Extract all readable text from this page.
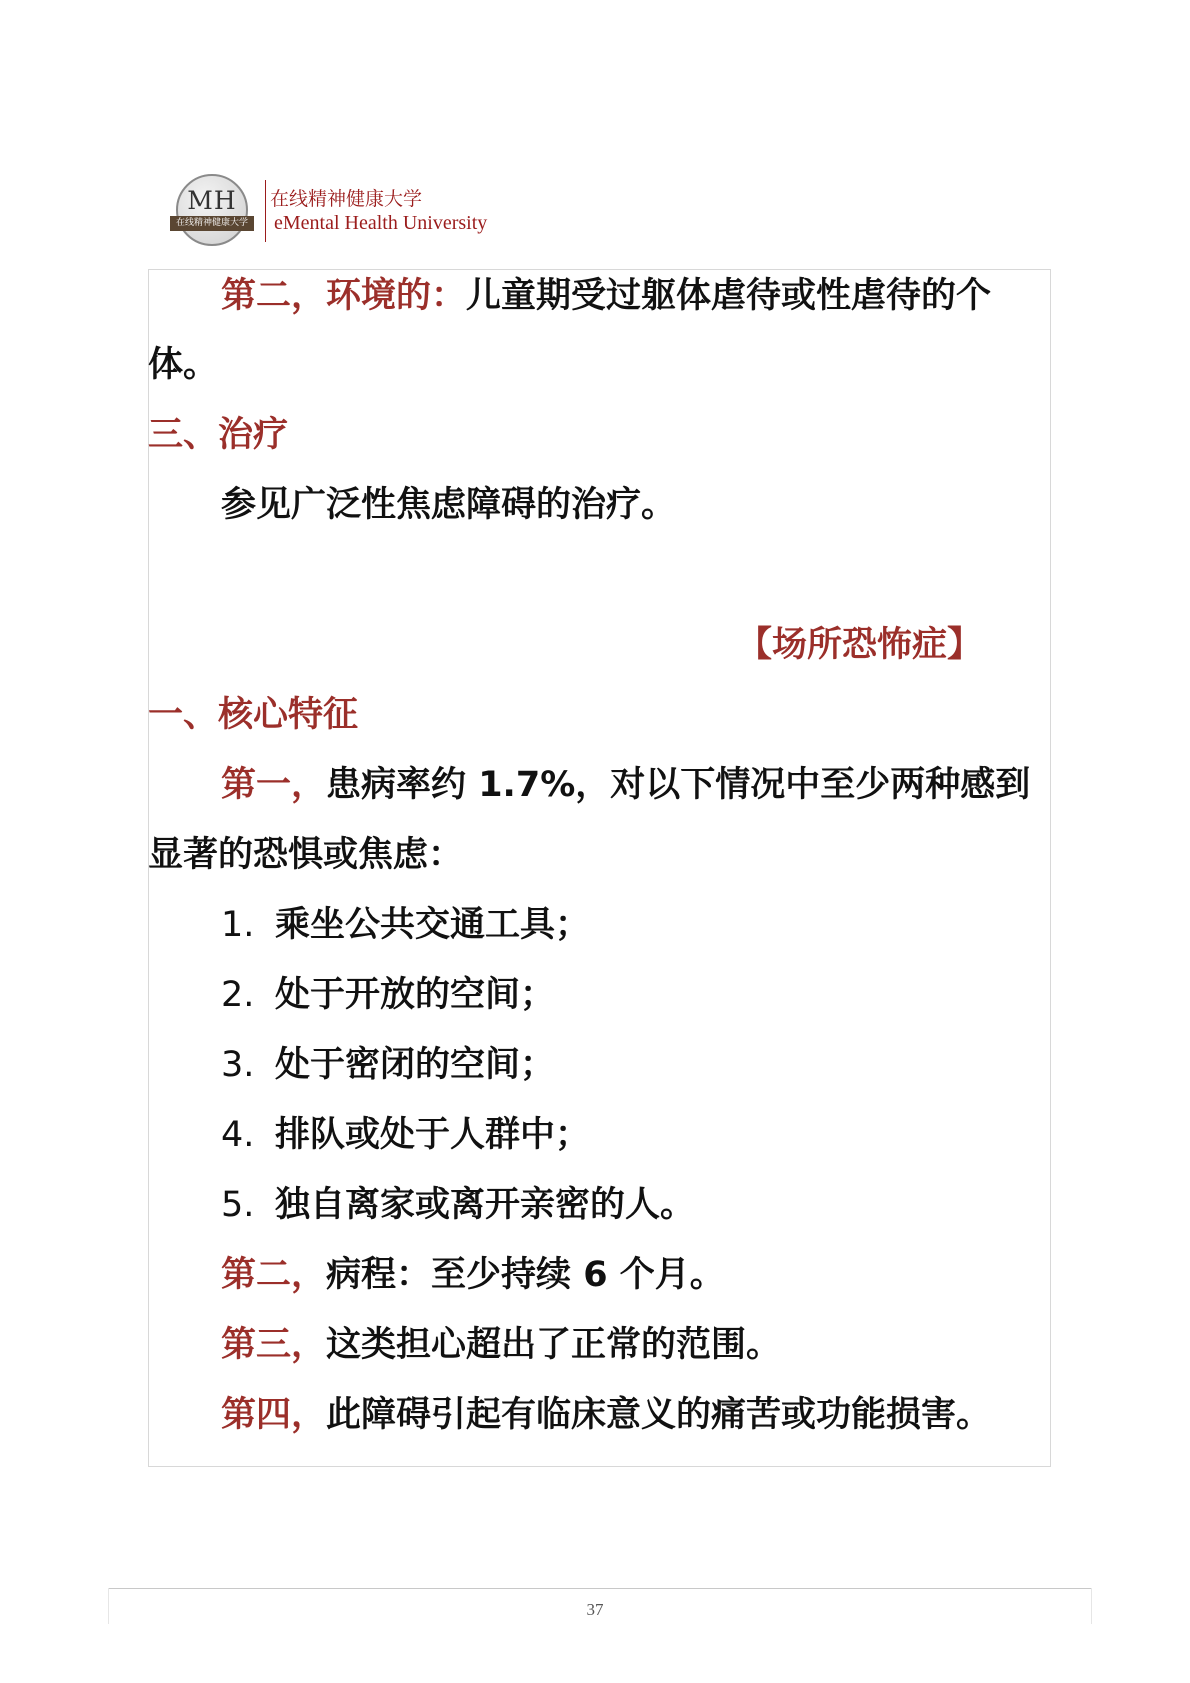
MH
在线精神健康大学
在线精神健康大学
eMental Health University
第二，环境的：儿童期受过躯体虐待或性虐待的个
体。
三、治疗
参见广泛性焦虑障碍的治疗。
【场所恐怖症】
一、核心特征
第一，患病率约 1.7%，对以下情况中至少两种感到
显著的恐惧或焦虑：
1. 乘坐公共交通工具；
2. 处于开放的空间；
3. 处于密闭的空间；
4. 排队或处于人群中；
5. 独自离家或离开亲密的人。
第二，病程：至少持续 6 个月。
第三，这类担心超出了正常的范围。
第四，此障碍引起有临床意义的痛苦或功能损害。
37
